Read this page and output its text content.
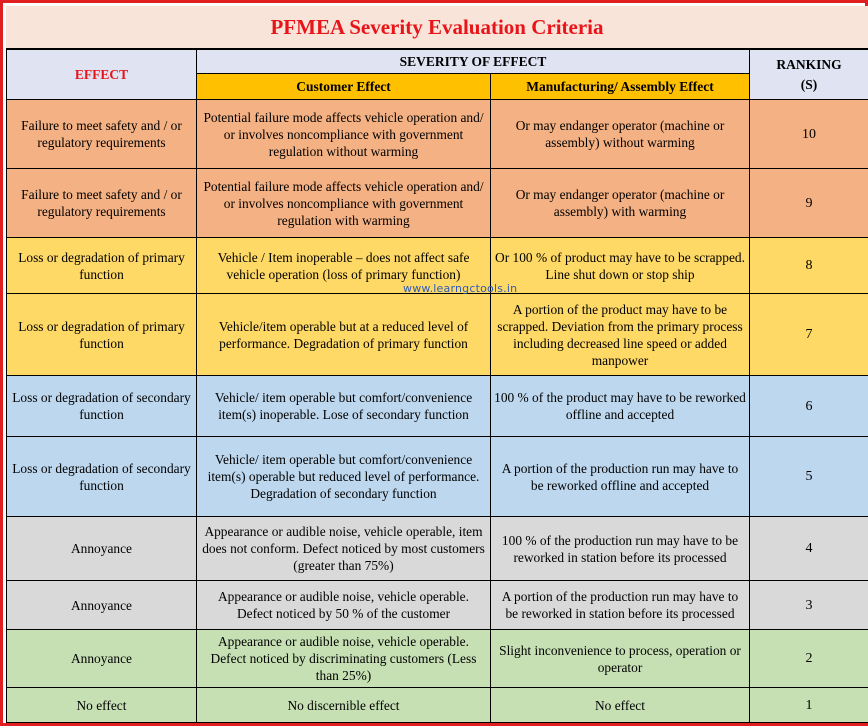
PFMEA Severity Evaluation Criteria
EFFECT	SEVERITY OF EFFECT		RANKING
(S)
	Customer Effect	Manufacturing/ Assembly Effect	
Failure to meet safety and / or regulatory requirements	Potential failure mode affects vehicle operation and/ or involves noncompliance with government regulation without warming	Or may endanger operator (machine or assembly) without warming	10
Failure to meet safety and / or regulatory requirements	Potential failure mode affects vehicle operation and/ or involves noncompliance with government regulation with warming	Or may endanger operator (machine or assembly) with warming	9
Loss or degradation of primary function	Vehicle / Item inoperable – does not affect safe vehicle operation (loss of primary function)	Or 100 % of product may have to be scrapped. Line shut down or stop ship	8
Loss or degradation of primary function	Vehicle/item operable but at a reduced level of performance. Degradation of primary function	A portion of the product may have to be scrapped. Deviation from the primary process including decreased line speed or added manpower	7
Loss or degradation of secondary function	Vehicle/ item operable but comfort/convenience item(s) inoperable. Lose of secondary function	100 % of the product may have to be reworked offline and accepted	6
Loss or degradation of secondary function	Vehicle/ item operable but comfort/convenience item(s) operable but reduced level of performance. Degradation of secondary function	A portion of the production run may have to be reworked offline and accepted	5
Annoyance	Appearance or audible noise, vehicle operable, item does not conform. Defect noticed by most customers (greater than 75%)	100 % of the production run may have to be reworked in station before its processed	4
Annoyance	Appearance or audible noise, vehicle operable. Defect noticed by 50 % of the customer	A portion of the production run may have to be reworked in station before its processed	3
Annoyance	Appearance or audible noise, vehicle operable. Defect noticed by discriminating customers (Less than 25%)	Slight inconvenience to process, operation or operator	2
No effect	No discernible effect	No effect	1
www.learngctools.in
